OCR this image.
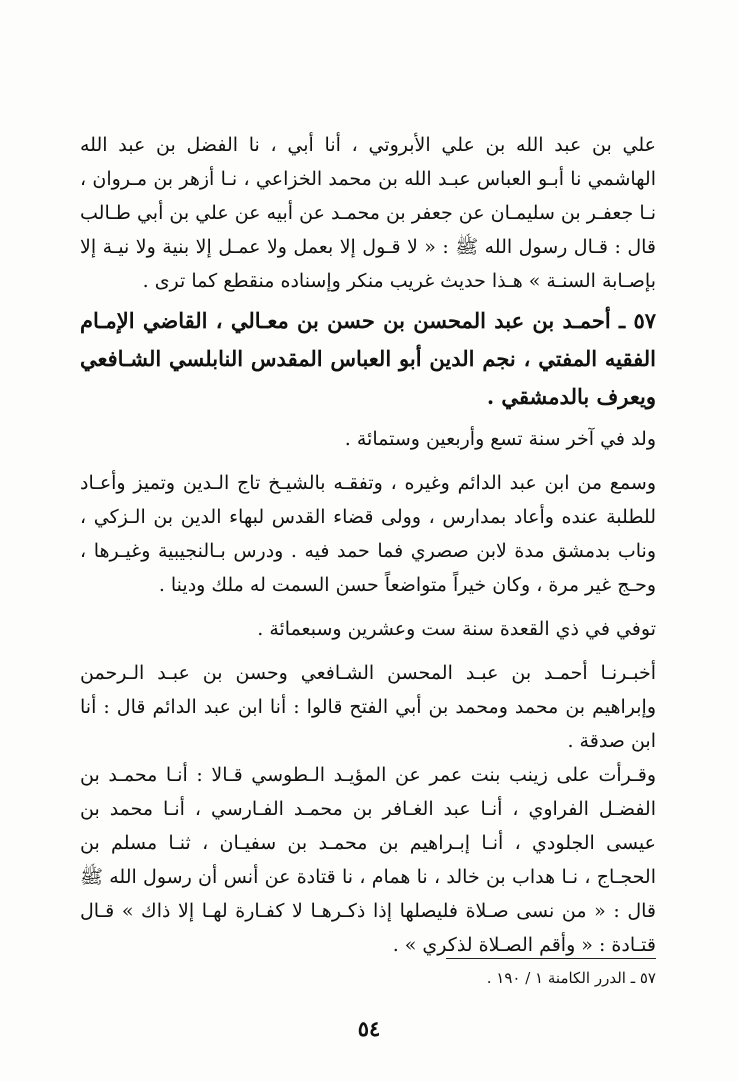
علي بن عبد الله بن علي الأبروتي ، أنا أبي ، نا الفضل بن عبد الله الهاشمي نا أبـو العباس عبـد الله بن محمد الخزاعي ، نـا أزهر بن مـروان ، نـا جعفـر بن سليمـان عن جعفر بن محمـد عن أبيه عن علي بن أبي طـالب قال : قـال رسول الله ﷺ : « لا قـول إلا بعمل ولا عمـل إلا بنية ولا نيـة إلا بإصـابة السنـة » هـذا حديث غريب منكر وإسناده منقطع كما ترى .

٥٧ ـ أحمـد بن عبد المحسن بن حسن بن معـالي ، القاضي الإمـام الفقيه المفتي ، نجم الدين أبو العباس المقدس النابلسي الشـافعي ويعرف بالدمشقي .

ولد في آخر سنة تسع وأربعين وستمائة .

وسمع من ابن عبد الدائم وغيره ، وتفقـه بالشيـخ تاج الـدين وتميز وأعـاد للطلبة عنده وأعاد بمدارس ، وولى قضاء القدس لبهاء الدين بن الـزكي ، وناب بدمشق مدة لابن صصري فما حمد فيه . ودرس بـالنجيبية وغيـرها ، وحـج غير مرة ، وكان خيراً متواضعاً حسن السمت له ملك ودينا .

توفي في ذي القعدة سنة ست وعشرين وسبعمائة .

أخبـرنـا أحمـد بن عبـد المحسن الشـافعي وحسن بن عبـد الـرحمن وإبراهيم بن محمد ومحمد بن أبي الفتح قالوا : أنا ابن عبد الدائم قال : أنا ابن صدقة .

وقـرأت على زينب بنت عمر عن المؤيـد الـطوسي قـالا : أنـا محمـد بن الفضـل الفراوي ، أنـا عبد الغـافر بن محمـد الفـارسي ، أنـا محمد بن عيسى الجلودي ، أنـا إبـراهيم بن محمـد بن سفيـان ، ثنـا مسلم بن الحجـاج ، نـا هداب بن خالد ، نا همام ، نا قتادة عن أنس أن رسول الله ﷺ قال : « من نسى صـلاة فليصلها إذا ذكـرهـا لا كفـارة لهـا إلا ذاك » قـال قتـادة : « وأقم الصـلاة لذكري » .

٥٧ ـ الدرر الكامنة ١ / ١٩٠ .
٥٤
